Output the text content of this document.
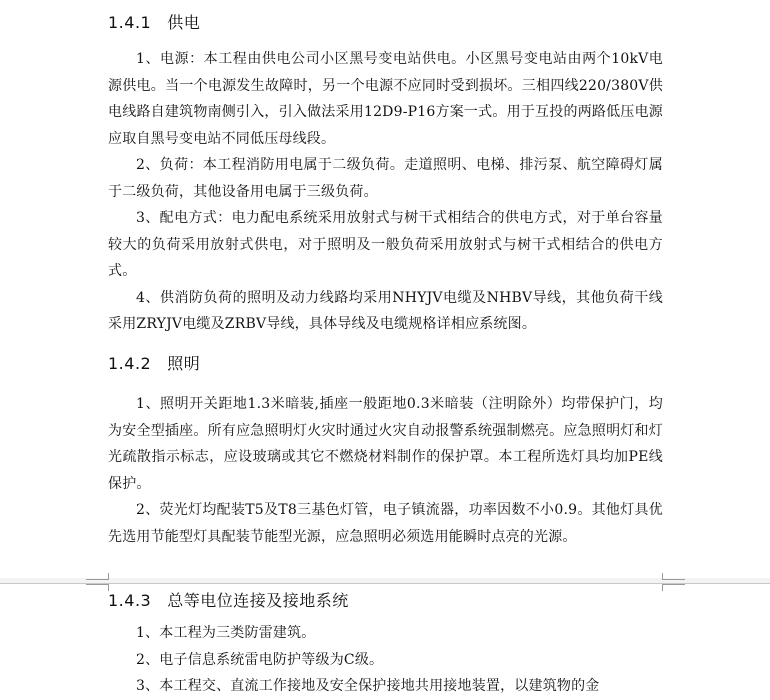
1.4.1 供电

1、电源：本工程由供电公司小区黑号变电站供电。小区黑号变电站由两个10kV电源供电。当一个电源发生故障时，另一个电源不应同时受到损坏。三相四线220/380V供电线路自建筑物南侧引入，引入做法采用12D9-P16方案一式。用于互投的两路低压电源应取自黑号变电站不同低压母线段。

2、负荷：本工程消防用电属于二级负荷。走道照明、电梯、排污泵、航空障碍灯属于二级负荷，其他设备用电属于三级负荷。

3、配电方式：电力配电系统采用放射式与树干式相结合的供电方式，对于单台容量较大的负荷采用放射式供电，对于照明及一般负荷采用放射式与树干式相结合的供电方式。

4、供消防负荷的照明及动力线路均采用NHYJV电缆及NHBV导线，其他负荷干线采用ZRYJV电缆及ZRBV导线，具体导线及电缆规格详相应系统图。

1.4.2 照明

1、照明开关距地1.3米暗装,插座一般距地0.3米暗装（注明除外）均带保护门，均为安全型插座。所有应急照明灯火灾时通过火灾自动报警系统强制燃亮。应急照明灯和灯光疏散指示标志，应设玻璃或其它不燃烧材料制作的保护罩。本工程所选灯具均加PE线保护。

2、荧光灯均配装T5及T8三基色灯管，电子镇流器，功率因数不小0.9。其他灯具优先选用节能型灯具配装节能型光源，应急照明必须选用能瞬时点亮的光源。

1.4.3 总等电位连接及接地系统

1、本工程为三类防雷建筑。

2、电子信息系统雷电防护等级为C级。

3、本工程交、直流工作接地及安全保护接地共用接地装置，以建筑物的金
